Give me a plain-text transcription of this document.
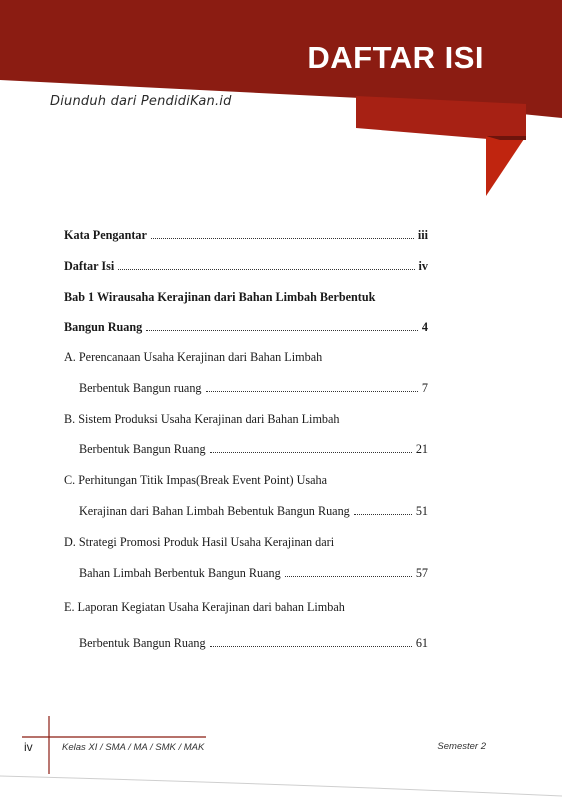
DAFTAR ISI
Diunduh dari PendidiKan.id
Kata Pengantar	iii
Daftar Isi	iv
Bab 1 Wirausaha Kerajinan dari Bahan Limbah Berbentuk
Bangun Ruang	4
A. Perencanaan Usaha Kerajinan dari Bahan Limbah
Berbentuk Bangun ruang	7
B. Sistem Produksi Usaha Kerajinan dari Bahan Limbah
Berbentuk Bangun Ruang	21
C. Perhitungan Titik Impas(Break Event Point) Usaha
Kerajinan dari Bahan Limbah Bebentuk Bangun Ruang	51
D. Strategi Promosi Produk Hasil Usaha Kerajinan dari
Bahan Limbah Berbentuk Bangun Ruang	57
E. Laporan Kegiatan Usaha Kerajinan dari bahan Limbah
Berbentuk Bangun Ruang	61
iv	Kelas XI / SMA / MA / SMK / MAK	Semester 2
